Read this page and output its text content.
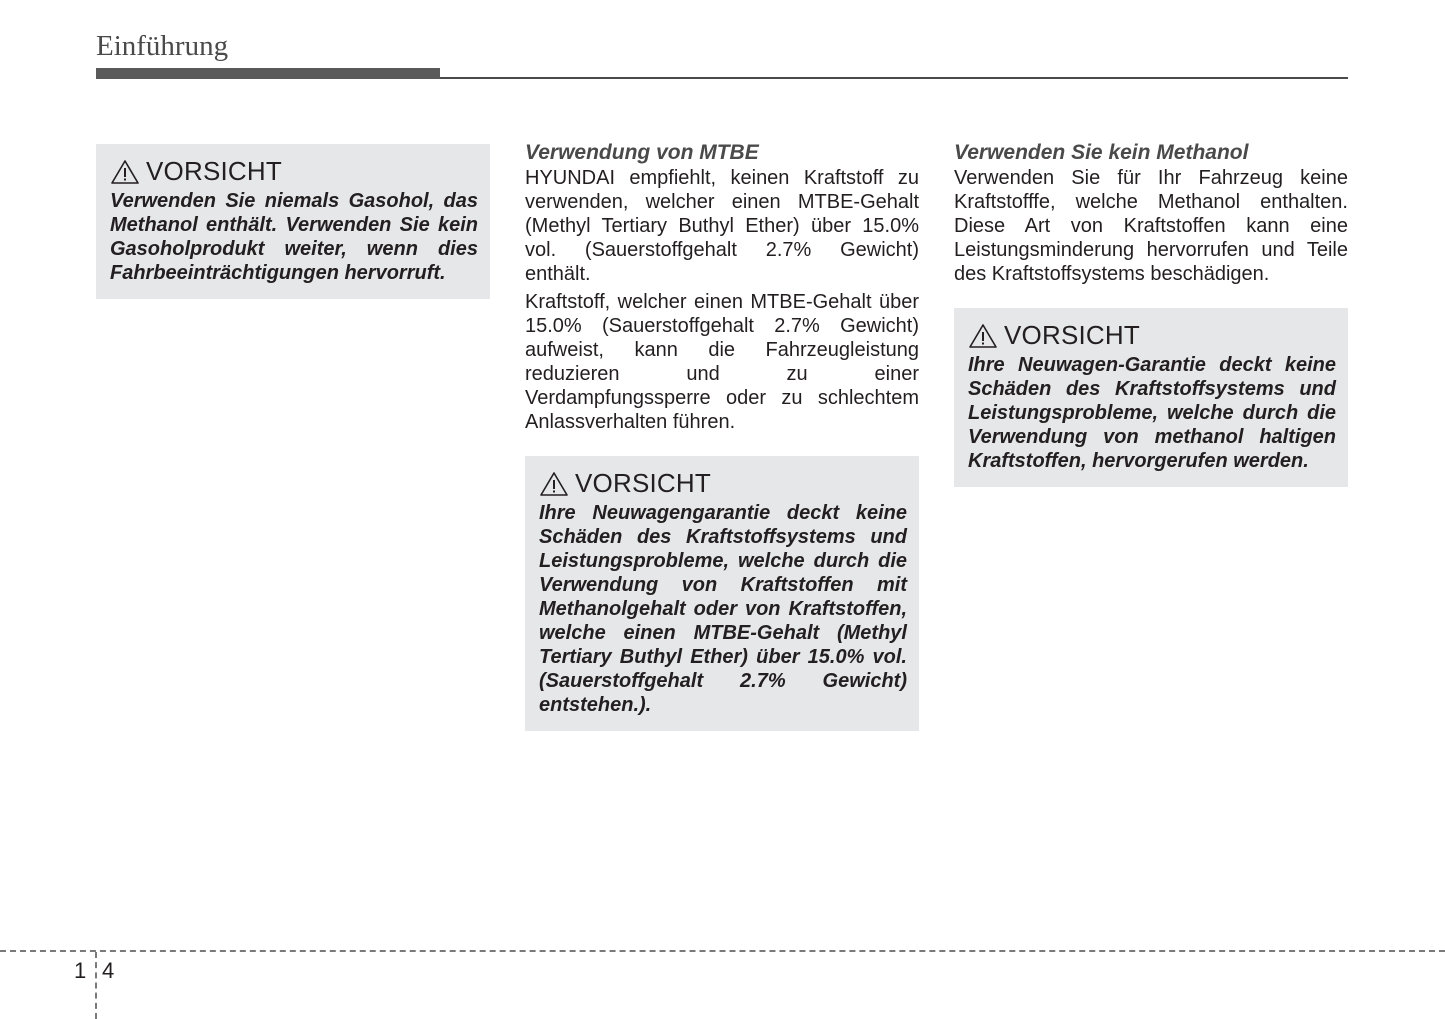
Einführung
VORSICHT
Verwenden Sie niemals Gasohol, das Methanol enthält. Verwenden Sie kein Gasoholprodukt weiter, wenn dies Fahrbeeinträchtigungen hervorruft.
Verwendung von MTBE

HYUNDAI empfiehlt, keinen Kraftstoff zu verwenden, welcher einen MTBE-Gehalt (Methyl Tertiary Buthyl Ether) über 15.0% vol. (Sauerstoffgehalt 2.7% Gewicht) enthält.

Kraftstoff, welcher einen MTBE-Gehalt über 15.0% (Sauerstoffgehalt 2.7% Gewicht) aufweist, kann die Fahrzeugleistung reduzieren und zu einer Verdampfungssperre oder zu schlechtem Anlassverhalten führen.

VORSICHT
Ihre Neuwagengarantie deckt keine Schäden des Kraftstoffsystems und Leistungsprobleme, welche durch die Verwendung von Kraftstoffen mit Methanolgehalt oder von Kraftstoffen, welche einen MTBE-Gehalt (Methyl Tertiary Buthyl Ether) über 15.0% vol. (Sauerstoffgehalt 2.7% Gewicht) entstehen.).
Verwenden Sie kein Methanol

Verwenden Sie für Ihr Fahrzeug keine Kraftstofffe, welche Methanol enthalten. Diese Art von Kraftstoffen kann eine Leistungsminderung hervorrufen und Teile des Kraftstoffsystems beschädigen.

VORSICHT
Ihre Neuwagen-Garantie deckt keine Schäden des Kraftstoffsystems und Leistungsprobleme, welche durch die Verwendung von methanol haltigen Kraftstoffen, hervorgerufen werden.
1 4
